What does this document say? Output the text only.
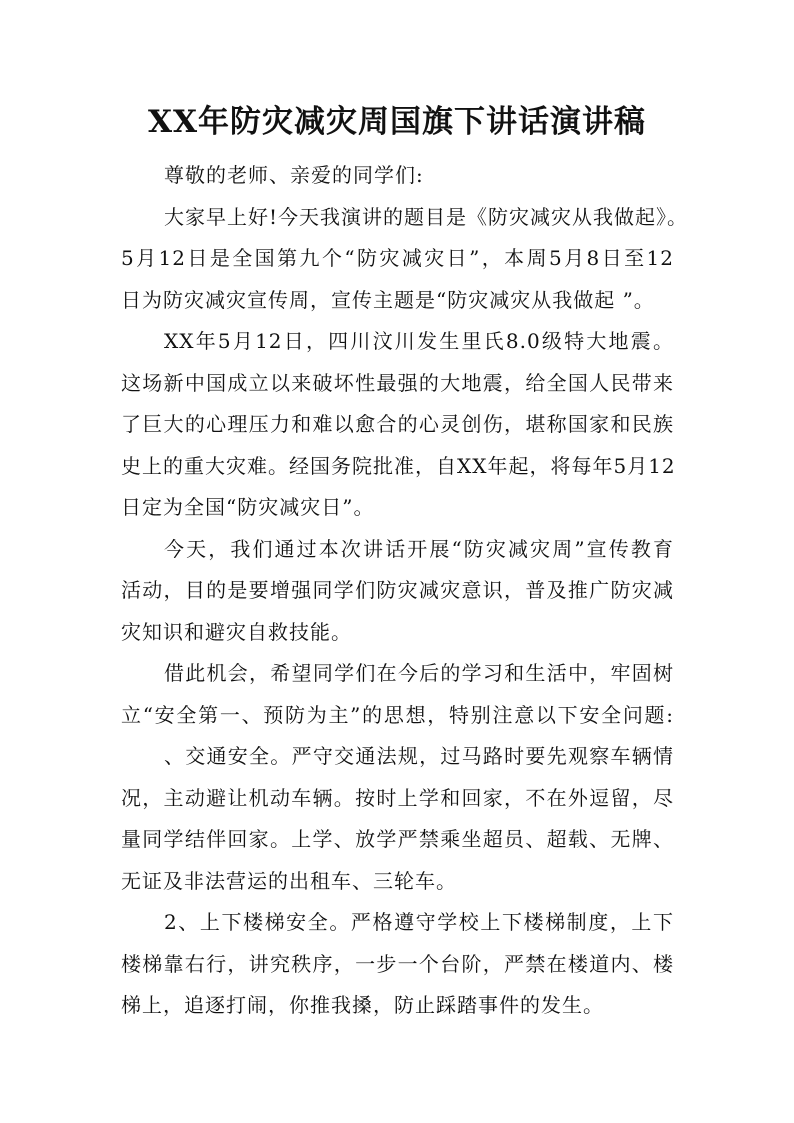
XX年防灾减灾周国旗下讲话演讲稿
尊敬的老师、亲爱的同学们:
大家早上好!今天我演讲的题目是《防灾减灾从我做起》。
5月12日是全国第九个“防灾减灾日”，本周5月8日至12
日为防灾减灾宣传周，宣传主题是“防灾减灾从我做起 ”。
XX年5月12日，四川汶川发生里氏8.0级特大地震。
这场新中国成立以来破坏性最强的大地震，给全国人民带来
了巨大的心理压力和难以愈合的心灵创伤，堪称国家和民族
史上的重大灾难。经国务院批准，自XX年起，将每年5月12
日定为全国“防灾减灾日”。
今天，我们通过本次讲话开展“防灾减灾周”宣传教育
活动，目的是要增强同学们防灾减灾意识，普及推广防灾减
灾知识和避灾自救技能。
借此机会，希望同学们在今后的学习和生活中，牢固树
立“安全第一、预防为主”的思想，特别注意以下安全问题:
、交通安全。严守交通法规，过马路时要先观察车辆情
况，主动避让机动车辆。按时上学和回家，不在外逗留，尽
量同学结伴回家。上学、放学严禁乘坐超员、超载、无牌、
无证及非法营运的出租车、三轮车。
2、上下楼梯安全。严格遵守学校上下楼梯制度，上下
楼梯靠右行，讲究秩序，一步一个台阶，严禁在楼道内、楼
梯上，追逐打闹，你推我搡，防止踩踏事件的发生。
